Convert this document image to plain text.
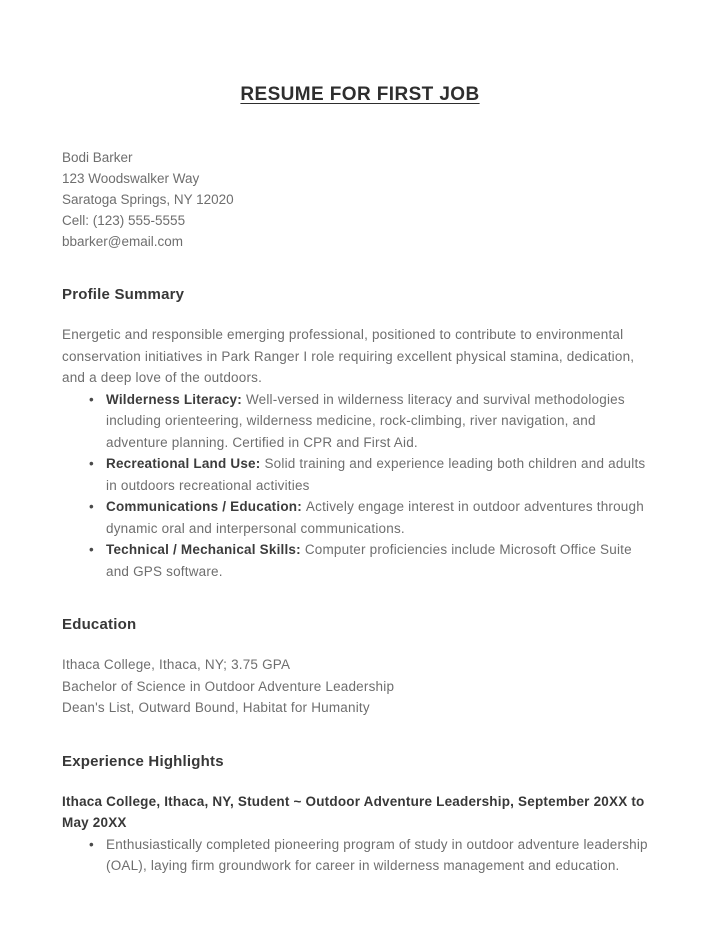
RESUME FOR FIRST JOB
Bodi Barker
123 Woodswalker Way
Saratoga Springs, NY 12020
Cell: (123) 555-5555
bbarker@email.com
Profile Summary

Energetic and responsible emerging professional, positioned to contribute to environmental conservation initiatives in Park Ranger I role requiring excellent physical stamina, dedication, and a deep love of the outdoors.

• Wilderness Literacy: Well-versed in wilderness literacy and survival methodologies including orienteering, wilderness medicine, rock-climbing, river navigation, and adventure planning. Certified in CPR and First Aid.
• Recreational Land Use: Solid training and experience leading both children and adults in outdoors recreational activities
• Communications / Education: Actively engage interest in outdoor adventures through dynamic oral and interpersonal communications.
• Technical / Mechanical Skills: Computer proficiencies include Microsoft Office Suite and GPS software.
Education
Ithaca College, Ithaca, NY; 3.75 GPA
Bachelor of Science in Outdoor Adventure Leadership
Dean's List, Outward Bound, Habitat for Humanity
Experience Highlights
Ithaca College, Ithaca, NY, Student ~ Outdoor Adventure Leadership, September 20XX to May 20XX
• Enthusiastically completed pioneering program of study in outdoor adventure leadership (OAL), laying firm groundwork for career in wilderness management and education.
